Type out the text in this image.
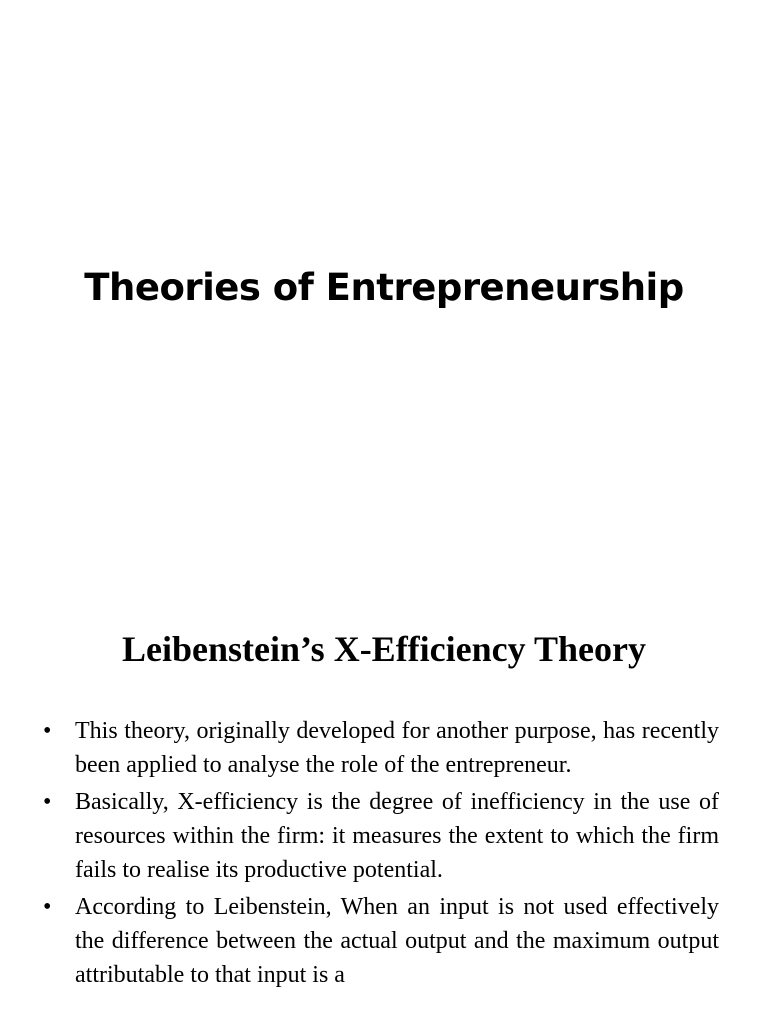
Theories of Entrepreneurship
Leibenstein’s X-Efficiency Theory
• This theory, originally developed for another purpose, has recently been applied to analyse the role of the entrepreneur.
• Basically, X-efficiency is the degree of inefficiency in the use of resources within the firm: it measures the extent to which the firm fails to realise its productive potential.
• According to Leibenstein, When an input is not used effectively the difference between the actual output and the maximum output attributable to that input is a
